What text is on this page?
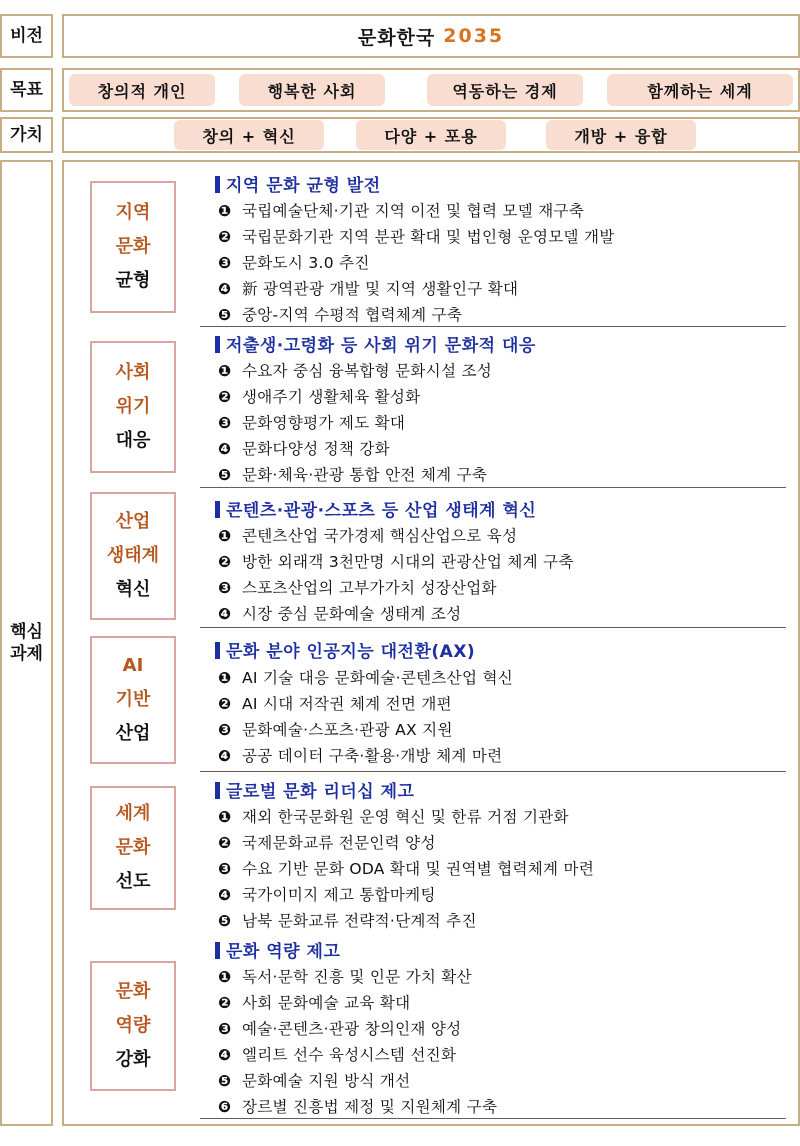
비전	문화한국 2035
목표	창의적 개인	행복한 사회	역동하는 경제	함께하는 세계
가치	창의 + 혁신	다양 + 포용	개방 + 융합
핵심
과제
지역
문화
균형
지역 문화 균형 발전
❶ 국립예술단체·기관 지역 이전 및 협력 모델 재구축
❷ 국립문화기관 지역 분관 확대 및 법인형 운영모델 개발
❸ 문화도시 3.0 추진
❹ 新 광역관광 개발 및 지역 생활인구 확대
❺ 중앙-지역 수평적 협력체계 구축
사회
위기
대응
저출생·고령화 등 사회 위기 문화적 대응
❶ 수요자 중심 융복합형 문화시설 조성
❷ 생애주기 생활체육 활성화
❸ 문화영향평가 제도 확대
❹ 문화다양성 정책 강화
❺ 문화·체육·관광 통합 안전 체계 구축
산업
생태계
혁신
콘텐츠·관광·스포츠 등 산업 생태계 혁신
❶ 콘텐츠산업 국가경제 핵심산업으로 육성
❷ 방한 외래객 3천만명 시대의 관광산업 체계 구축
❸ 스포츠산업의 고부가가치 성장산업화
❹ 시장 중심 문화예술 생태계 조성
AI
기반
산업
문화 분야 인공지능 대전환(AX)
❶ AI 기술 대응 문화예술·콘텐츠산업 혁신
❷ AI 시대 저작권 체계 전면 개편
❸ 문화예술·스포츠·관광 AX 지원
❹ 공공 데이터 구축·활용·개방 체계 마련
세계
문화
선도
글로벌 문화 리더십 제고
❶ 재외 한국문화원 운영 혁신 및 한류 거점 기관화
❷ 국제문화교류 전문인력 양성
❸ 수요 기반 문화 ODA 확대 및 권역별 협력체계 마련
❹ 국가이미지 제고 통합마케팅
❺ 남북 문화교류 전략적·단계적 추진
문화
역량
강화
문화 역량 제고
❶ 독서·문학 진흥 및 인문 가치 확산
❷ 사회 문화예술 교육 확대
❸ 예술·콘텐츠·관광 창의인재 양성
❹ 엘리트 선수 육성시스템 선진화
❺ 문화예술 지원 방식 개선
❻ 장르별 진흥법 제정 및 지원체계 구축
